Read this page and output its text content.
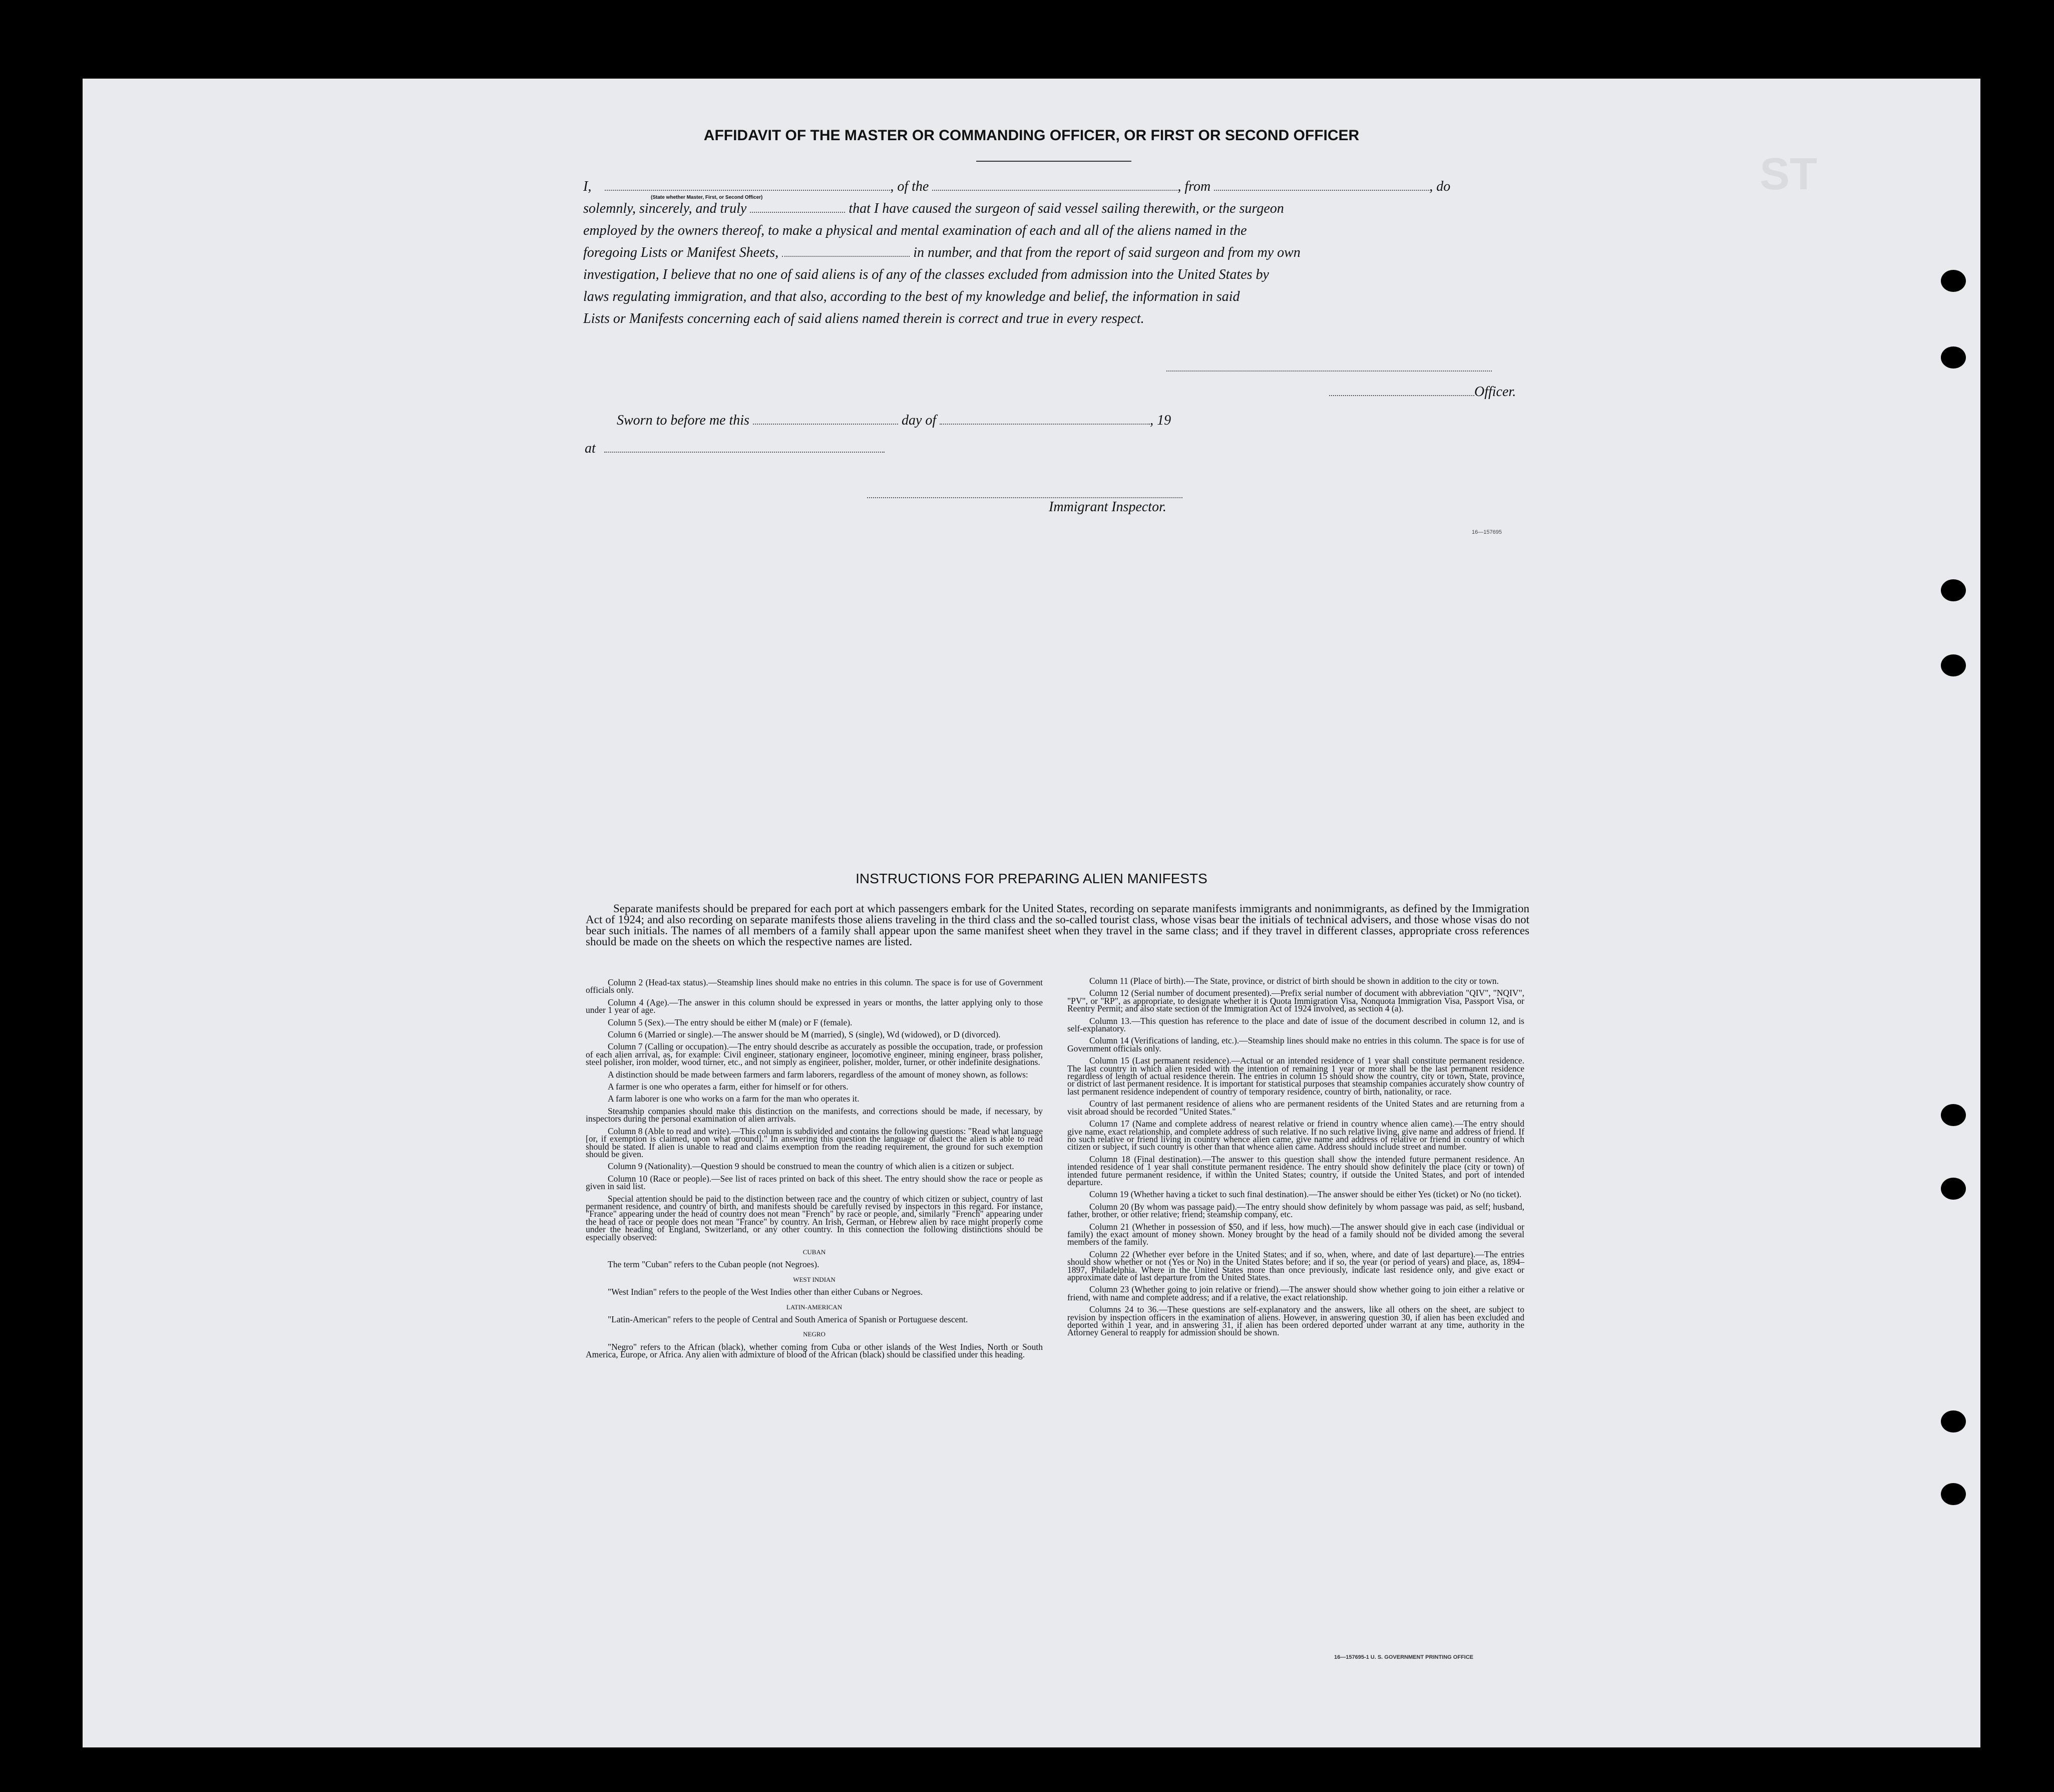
ST
AFFIDAVIT OF THE MASTER OR COMMANDING OFFICER, OR FIRST OR SECOND OFFICER
I,	, of the	, from	, do
(State whether Master, First, or Second Officer)
solemnly, sincerely, and truly	that I have caused the surgeon of said vessel sailing therewith, or the surgeon
employed by the owners thereof, to make a physical and mental examination of each and all of the aliens named in the
foregoing Lists or Manifest Sheets,	in number, and that from the report of said surgeon and from my own
investigation, I believe that no one of said aliens is of any of the classes excluded from admission into the United States by
laws regulating immigration, and that also, according to the best of my knowledge and belief, the information in said
Lists or Manifests concerning each of said aliens named therein is correct and true in every respect.
Officer.
Sworn to before me this	day of	, 19
at
Immigrant Inspector.
16—157695
INSTRUCTIONS FOR PREPARING ALIEN MANIFESTS
Separate manifests should be prepared for each port at which passengers embark for the United States, recording on separate manifests immigrants and nonimmigrants, as defined by the Immigration Act of 1924; and also recording on separate manifests those aliens traveling in the third class and the so-called tourist class, whose visas bear the initials of technical advisers, and those whose visas do not bear such initials. The names of all members of a family shall appear upon the same manifest sheet when they travel in the same class; and if they travel in different classes, appropriate cross references should be made on the sheets on which the respective names are listed.

Column 2 (Head-tax status).—Steamship lines should make no entries in this column. The space is for use of Government officials only.

Column 4 (Age).—The answer in this column should be expressed in years or months, the latter applying only to those under 1 year of age.

Column 5 (Sex).—The entry should be either M (male) or F (female).

Column 6 (Married or single).—The answer should be M (married), S (single), Wd (widowed), or D (divorced).

Column 7 (Calling or occupation).—The entry should describe as accurately as possible the occupation, trade, or profession of each alien arrival, as, for example: Civil engineer, stationary engineer, locomotive engineer, mining engineer, brass polisher, steel polisher, iron molder, wood turner, etc., and not simply as engineer, polisher, molder, turner, or other indefinite designations.

A distinction should be made between farmers and farm laborers, regardless of the amount of money shown, as follows:

A farmer is one who operates a farm, either for himself or for others.

A farm laborer is one who works on a farm for the man who operates it.

Steamship companies should make this distinction on the manifests, and corrections should be made, if necessary, by inspectors during the personal examination of alien arrivals.

Column 8 (Able to read and write).—This column is subdivided and contains the following questions: "Read what language [or, if exemption is claimed, upon what ground]." In answering this question the language or dialect the alien is able to read should be stated. If alien is unable to read and claims exemption from the reading requirement, the ground for such exemption should be given.

Column 9 (Nationality).—Question 9 should be construed to mean the country of which alien is a citizen or subject.

Column 10 (Race or people).—See list of races printed on back of this sheet. The entry should show the race or people as given in said list.

Special attention should be paid to the distinction between race and the country of which citizen or subject, country of last permanent residence, and country of birth, and manifests should be carefully revised by inspectors in this regard. For instance, "France" appearing under the head of country does not mean "French" by race or people, and, similarly "French" appearing under the head of race or people does not mean "France" by country. An Irish, German, or Hebrew alien by race might properly come under the heading of England, Switzerland, or any other country. In this connection the following distinctions should be especially observed:

CUBAN

The term "Cuban" refers to the Cuban people (not Negroes).

WEST INDIAN

"West Indian" refers to the people of the West Indies other than either Cubans or Negroes.

LATIN-AMERICAN

"Latin-American" refers to the people of Central and South America of Spanish or Portuguese descent.

NEGRO

"Negro" refers to the African (black), whether coming from Cuba or other islands of the West Indies, North or South America, Europe, or Africa. Any alien with admixture of blood of the African (black) should be classified under this heading.

Column 11 (Place of birth).—The State, province, or district of birth should be shown in addition to the city or town.

Column 12 (Serial number of document presented).—Prefix serial number of document with abbreviation "QIV", "NQIV", "PV", or "RP", as appropriate, to designate whether it is Quota Immigration Visa, Nonquota Immigration Visa, Passport Visa, or Reentry Permit; and also state section of the Immigration Act of 1924 involved, as section 4 (a).

Column 13.—This question has reference to the place and date of issue of the document described in column 12, and is self-explanatory.

Column 14 (Verifications of landing, etc.).—Steamship lines should make no entries in this column. The space is for use of Government officials only.

Column 15 (Last permanent residence).—Actual or an intended residence of 1 year shall constitute permanent residence. The last country in which alien resided with the intention of remaining 1 year or more shall be the last permanent residence regardless of length of actual residence therein. The entries in column 15 should show the country, city or town, State, province, or district of last permanent residence. It is important for statistical purposes that steamship companies accurately show country of last permanent residence independent of country of temporary residence, country of birth, nationality, or race.

Country of last permanent residence of aliens who are permanent residents of the United States and are returning from a visit abroad should be recorded "United States."

Column 17 (Name and complete address of nearest relative or friend in country whence alien came).—The entry should give name, exact relationship, and complete address of such relative. If no such relative living, give name and address of friend. If no such relative or friend living in country whence alien came, give name and address of relative or friend in country of which citizen or subject, if such country is other than that whence alien came. Address should include street and number.

Column 18 (Final destination).—The answer to this question shall show the intended future permanent residence. An intended residence of 1 year shall constitute permanent residence. The entry should show definitely the place (city or town) of intended future permanent residence, if within the United States; country, if outside the United States, and port of intended departure.

Column 19 (Whether having a ticket to such final destination).—The answer should be either Yes (ticket) or No (no ticket).

Column 20 (By whom was passage paid).—The entry should show definitely by whom passage was paid, as self; husband, father, brother, or other relative; friend; steamship company, etc.

Column 21 (Whether in possession of $50, and if less, how much).—The answer should give in each case (individual or family) the exact amount of money shown. Money brought by the head of a family should not be divided among the several members of the family.

Column 22 (Whether ever before in the United States; and if so, when, where, and date of last departure).—The entries should show whether or not (Yes or No) in the United States before; and if so, the year (or period of years) and place, as, 1894–1897, Philadelphia. Where in the United States more than once previously, indicate last residence only, and give exact or approximate date of last departure from the United States.

Column 23 (Whether going to join relative or friend).—The answer should show whether going to join either a relative or friend, with name and complete address; and if a relative, the exact relationship.

Columns 24 to 36.—These questions are self-explanatory and the answers, like all others on the sheet, are subject to revision by inspection officers in the examination of aliens. However, in answering question 30, if alien has been excluded and deported within 1 year, and in answering 31, if alien has been ordered deported under warrant at any time, authority in the Attorney General to reapply for admission should be shown.

16—157695-1 U. S. GOVERNMENT PRINTING OFFICE
